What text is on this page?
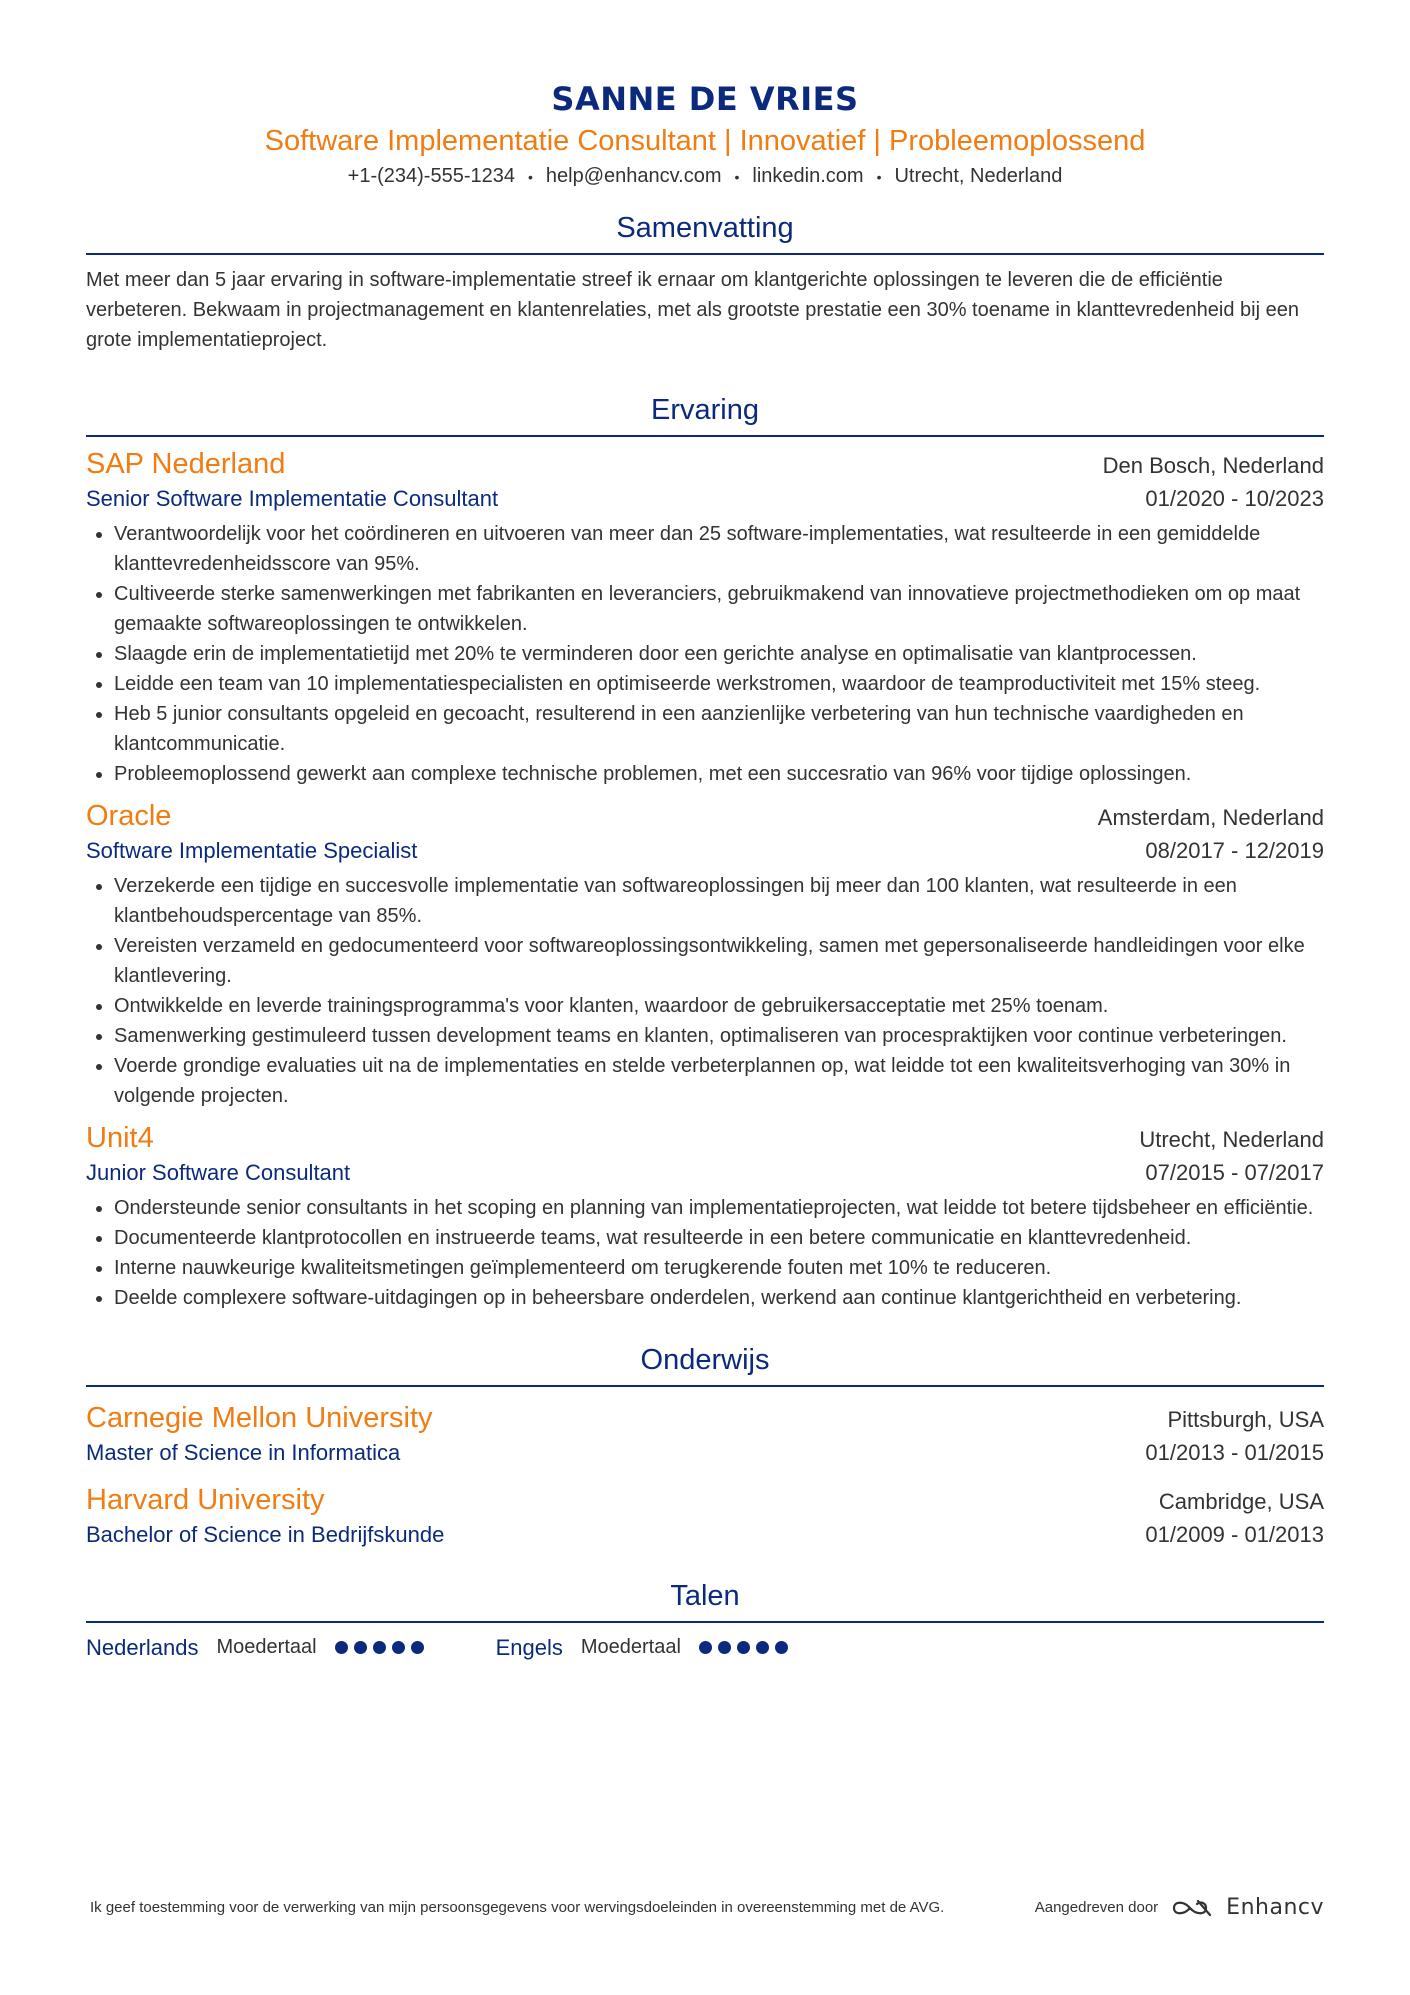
SANNE DE VRIES
Software Implementatie Consultant | Innovatief | Probleemoplossend
+1-(234)-555-1234 • help@enhancv.com • linkedin.com • Utrecht, Nederland
Samenvatting
Met meer dan 5 jaar ervaring in software-implementatie streef ik ernaar om klantgerichte oplossingen te leveren die de efficiëntie verbeteren. Bekwaam in projectmanagement en klantenrelaties, met als grootste prestatie een 30% toename in klanttevredenheid bij een grote implementatieproject.
Ervaring
SAP Nederland	Den Bosch, Nederland
Senior Software Implementatie Consultant	01/2020 - 10/2023
• Verantwoordelijk voor het coördineren en uitvoeren van meer dan 25 software-implementaties, wat resulteerde in een gemiddelde klanttevredenheidsscore van 95%.
• Cultiveerde sterke samenwerkingen met fabrikanten en leveranciers, gebruikmakend van innovatieve projectmethodieken om op maat gemaakte softwareoplossingen te ontwikkelen.
• Slaagde erin de implementatietijd met 20% te verminderen door een gerichte analyse en optimalisatie van klantprocessen.
• Leidde een team van 10 implementatiespecialisten en optimiseerde werkstromen, waardoor de teamproductiviteit met 15% steeg.
• Heb 5 junior consultants opgeleid en gecoacht, resulterend in een aanzienlijke verbetering van hun technische vaardigheden en klantcommunicatie.
• Probleemoplossend gewerkt aan complexe technische problemen, met een succesratio van 96% voor tijdige oplossingen.
Oracle	Amsterdam, Nederland
Software Implementatie Specialist	08/2017 - 12/2019
• Verzekerde een tijdige en succesvolle implementatie van softwareoplossingen bij meer dan 100 klanten, wat resulteerde in een klantbehoudspercentage van 85%.
• Vereisten verzameld en gedocumenteerd voor softwareoplossingsontwikkeling, samen met gepersonaliseerde handleidingen voor elke klantlevering.
• Ontwikkelde en leverde trainingsprogramma's voor klanten, waardoor de gebruikersacceptatie met 25% toenam.
• Samenwerking gestimuleerd tussen development teams en klanten, optimaliseren van procespraktijken voor continue verbeteringen.
• Voerde grondige evaluaties uit na de implementaties en stelde verbeterplannen op, wat leidde tot een kwaliteitsverhoging van 30% in volgende projecten.
Unit4	Utrecht, Nederland
Junior Software Consultant	07/2015 - 07/2017
• Ondersteunde senior consultants in het scoping en planning van implementatieprojecten, wat leidde tot betere tijdsbeheer en efficiëntie.
• Documenteerde klantprotocollen en instrueerde teams, wat resulteerde in een betere communicatie en klanttevredenheid.
• Interne nauwkeurige kwaliteitsmetingen geïmplementeerd om terugkerende fouten met 10% te reduceren.
• Deelde complexere software-uitdagingen op in beheersbare onderdelen, werkend aan continue klantgerichtheid en verbetering.
Onderwijs
Carnegie Mellon University	Pittsburgh, USA
Master of Science in Informatica	01/2013 - 01/2015
Harvard University	Cambridge, USA
Bachelor of Science in Bedrijfskunde	01/2009 - 01/2013
Talen
Nederlands Moedertaal	Engels Moedertaal
Ik geef toestemming voor de verwerking van mijn persoonsgegevens voor wervingsdoeleinden in overeenstemming met de AVG.	Aangedreven door	Enhancv
